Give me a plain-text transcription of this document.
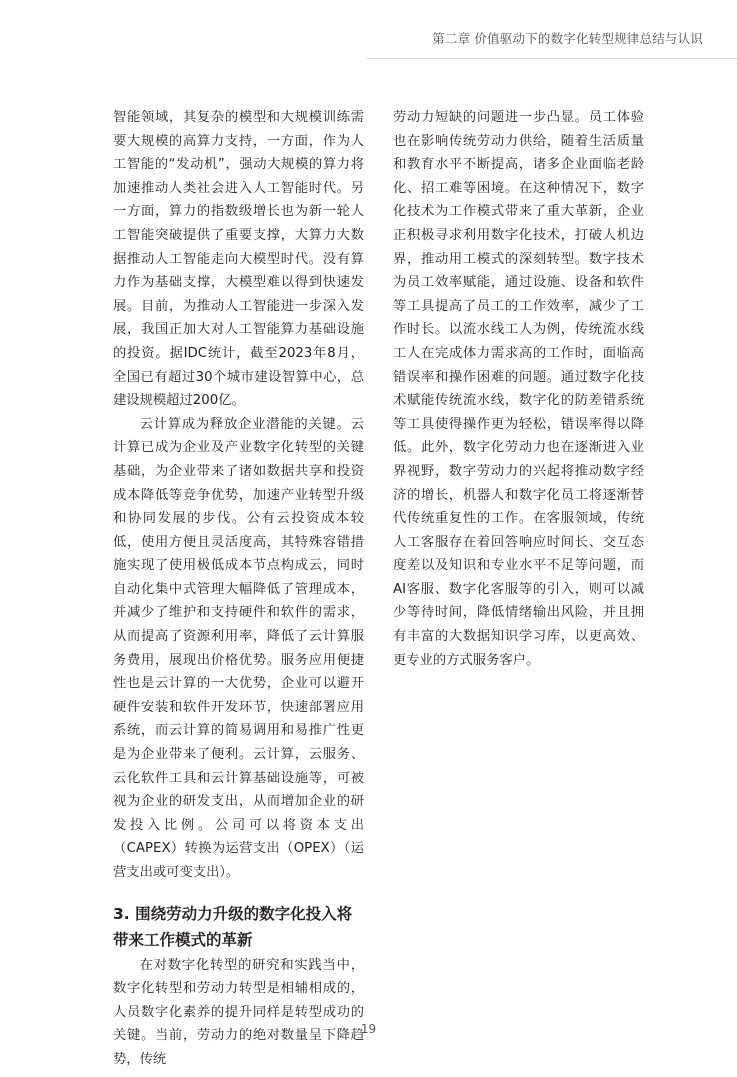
第二章 价值驱动下的数字化转型规律总结与认识

智能领域，其复杂的模型和大规模训练需要大规模的高算力支持，一方面，作为人工智能的“发动机”，强动大规模的算力将加速推动人类社会进入人工智能时代。另一方面，算力的指数级增长也为新一轮人工智能突破提供了重要支撑，大算力大数据推动人工智能走向大模型时代。没有算力作为基础支撑，大模型难以得到快速发展。目前，为推动人工智能进一步深入发展，我国正加大对人工智能算力基础设施的投资。据IDC统计，截至2023年8月，全国已有超过30个城市建设智算中心，总建设规模超过200亿。

云计算成为释放企业潜能的关键。云计算已成为企业及产业数字化转型的关键基础，为企业带来了诸如数据共享和投资成本降低等竞争优势，加速产业转型升级和协同发展的步伐。公有云投资成本较低，使用方便且灵活度高，其特殊容错措施实现了使用极低成本节点构成云，同时自动化集中式管理大幅降低了管理成本，并减少了维护和支持硬件和软件的需求，从而提高了资源利用率，降低了云计算服务费用，展现出价格优势。服务应用便捷性也是云计算的一大优势，企业可以避开硬件安装和软件开发环节，快速部署应用系统，而云计算的简易调用和易推广性更是为企业带来了便利。云计算，云服务、云化软件工具和云计算基础设施等，可被视为企业的研发支出，从而增加企业的研发投入比例。公司可以将资本支出（CAPEX）转换为运营支出（OPEX）（运营支出或可变支出）。

3. 围绕劳动力升级的数字化投入将带来工作模式的革新

在对数字化转型的研究和实践当中，数字化转型和劳动力转型是相辅相成的，人员数字化素养的提升同样是转型成功的关键。当前，劳动力的绝对数量呈下降趋势，传统

劳动力短缺的问题进一步凸显。员工体验也在影响传统劳动力供给，随着生活质量和教育水平不断提高，诸多企业面临老龄化、招工难等困境。在这种情况下，数字化技术为工作模式带来了重大革新，企业正积极寻求利用数字化技术，打破人机边界，推动用工模式的深刻转型。数字技术为员工效率赋能，通过设施、设备和软件等工具提高了员工的工作效率，减少了工作时长。以流水线工人为例，传统流水线工人在完成体力需求高的工作时，面临高错误率和操作困难的问题。通过数字化技术赋能传统流水线，数字化的防差错系统等工具使得操作更为轻松，错误率得以降低。此外，数字化劳动力也在逐渐进入业界视野，数字劳动力的兴起将推动数字经济的增长，机器人和数字化员工将逐渐替代传统重复性的工作。在客服领域，传统人工客服存在着回答响应时间长、交互态度差以及知识和专业水平不足等问题，而AI客服、数字化客服等的引入，则可以减少等待时间，降低情绪输出风险，并且拥有丰富的大数据知识学习库，以更高效、更专业的方式服务客户。

19
